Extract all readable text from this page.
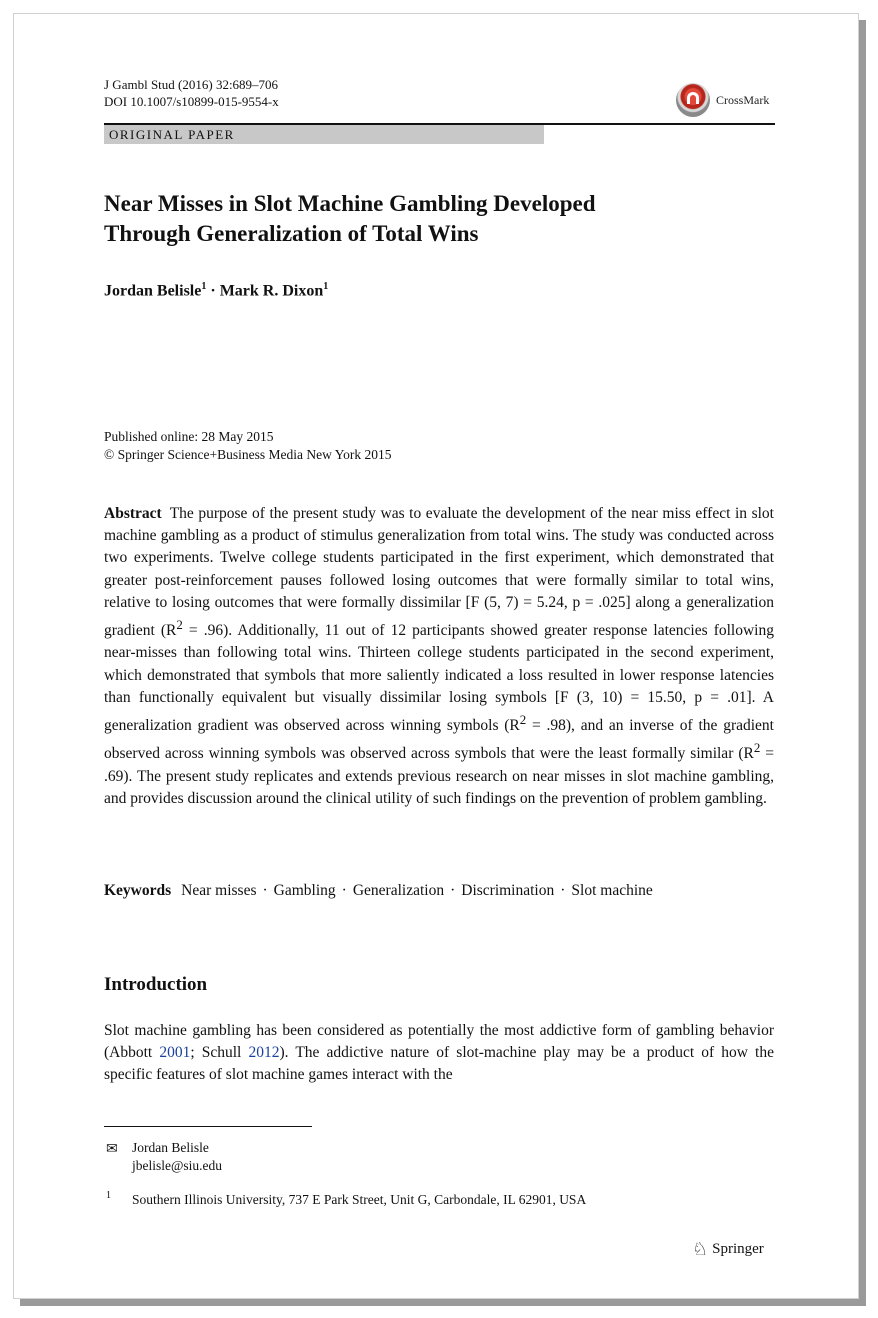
J Gambl Stud (2016) 32:689–706
DOI 10.1007/s10899-015-9554-x	CrossMark
ORIGINAL PAPER
Near Misses in Slot Machine Gambling Developed
Through Generalization of Total Wins
Jordan Belisle$^1$ · Mark R. Dixon$^1$
Published online: 28 May 2015
© Springer Science+Business Media New York 2015
Abstract The purpose of the present study was to evaluate the development of the near miss effect in slot machine gambling as a product of stimulus generalization from total wins. The study was conducted across two experiments. Twelve college students participated in the first experiment, which demonstrated that greater post-reinforcement pauses followed losing outcomes that were formally similar to total wins, relative to losing outcomes that were formally dissimilar [F (5, 7) = 5.24, p = .025] along a generalization gradient $(R^2 = .96)$. Additionally, 11 out of 12 participants showed greater response latencies following near-misses than following total wins. Thirteen college students participated in the second experiment, which demonstrated that symbols that more saliently indicated a loss resulted in lower response latencies than functionally equivalent but visually dissimilar losing symbols [F (3, 10) = 15.50, p = .01]. A generalization gradient was observed across winning symbols $(R^2 = .98)$, and an inverse of the gradient observed across winning symbols was observed across symbols that were the least formally similar $(R^2 = .69)$. The present study replicates and extends previous research on near misses in slot machine gambling, and provides discussion around the clinical utility of such findings on the prevention of problem gambling.
Keywords Near misses · Gambling · Generalization · Discrimination · Slot machine
Introduction
Slot machine gambling has been considered as potentially the most addictive form of gambling behavior (Abbott 2001; Schull 2012). The addictive nature of slot-machine play may be a product of how the specific features of slot machine games interact with the
✉ Jordan Belisle
jbelisle@siu.edu
1 Southern Illinois University, 737 E Park Street, Unit G, Carbondale, IL 62901, USA
♘ Springer
